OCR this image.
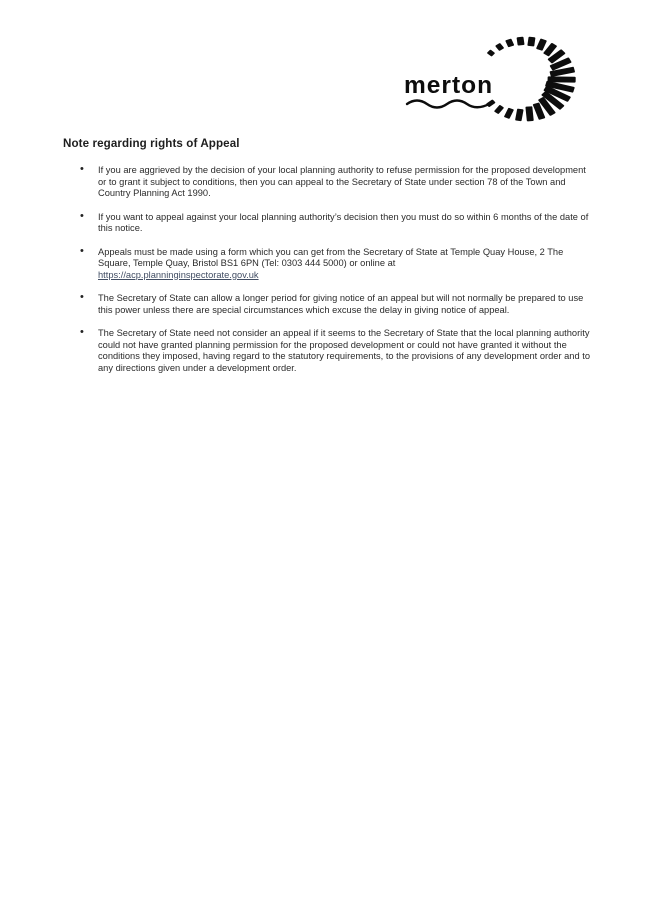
merton
Note regarding rights of Appeal
• If you are aggrieved by the decision of your local planning authority to refuse permission for the proposed development or to grant it subject to conditions, then you can appeal to the Secretary of State under section 78 of the Town and Country Planning Act 1990.
• If you want to appeal against your local planning authority’s decision then you must do so within 6 months of the date of this notice.
• Appeals must be made using a form which you can get from the Secretary of State at Temple Quay House, 2 The Square, Temple Quay, Bristol BS1 6PN (Tel: 0303 444 5000) or online at
https://acp.planninginspectorate.gov.uk
• The Secretary of State can allow a longer period for giving notice of an appeal but will not normally be prepared to use this power unless there are special circumstances which excuse the delay in giving notice of appeal.
• The Secretary of State need not consider an appeal if it seems to the Secretary of State that the local planning authority could not have granted planning permission for the proposed development or could not have granted it without the conditions they imposed, having regard to the statutory requirements, to the provisions of any development order and to any directions given under a development order.
